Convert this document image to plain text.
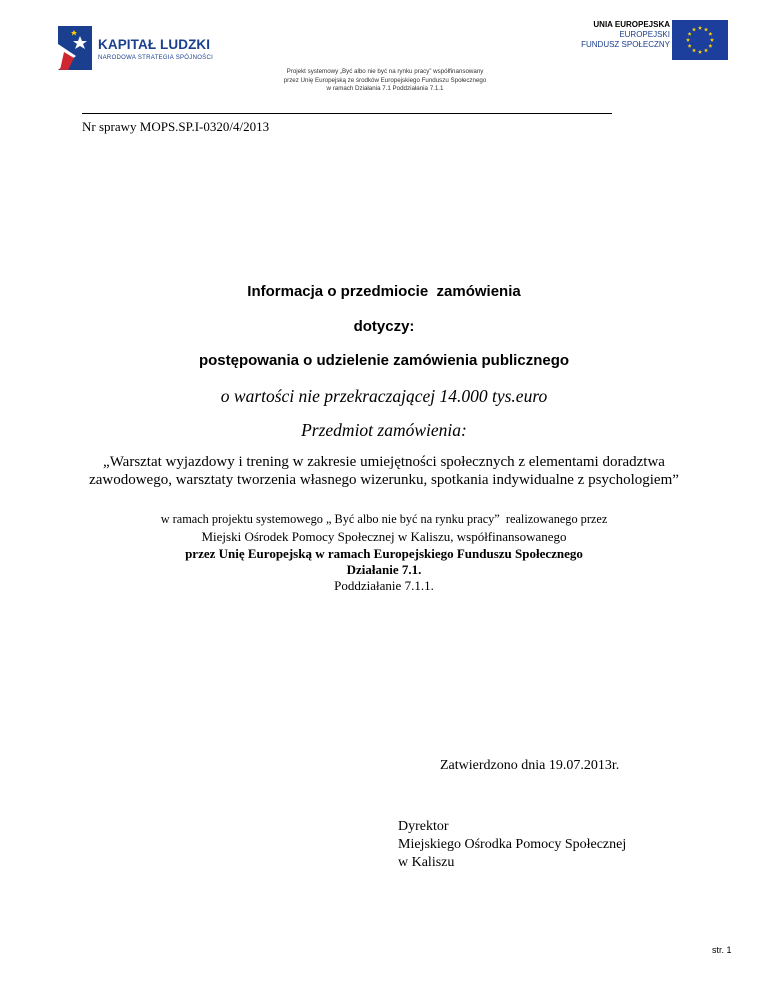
KAPITAŁ LUDZKI
NARODOWA STRATEGIA SPÓJNOŚCI
UNIA EUROPEJSKA
EUROPEJSKI
FUNDUSZ SPOŁECZNY
Projekt systemowy „Być albo nie być na rynku pracy” współfinansowany
przez Unię Europejską ze środków Europejskiego Funduszu Społecznego
w ramach Działania 7.1 Poddziałania 7.1.1
Nr sprawy MOPS.SP.I-0320/4/2013
Informacja o przedmiocie  zamówienia
dotyczy:
postępowania o udzielenie zamówienia publicznego
o wartości nie przekraczającej 14.000 tys.euro
Przedmiot zamówienia:
„Warsztat wyjazdowy i trening w zakresie umiejętności społecznych z elementami doradztwa zawodowego, warsztaty tworzenia własnego wizerunku, spotkania indywidualne z psychologiem”
w ramach projektu systemowego „ Być albo nie być na rynku pracy”  realizowanego przez
Miejski Ośrodek Pomocy Społecznej w Kaliszu, współfinansowanego
przez Unię Europejską w ramach Europejskiego Funduszu Społecznego
Działanie 7.1.
Poddziałanie 7.1.1.
Zatwierdzono dnia 19.07.2013r.
Dyrektor
Miejskiego Ośrodka Pomocy Społecznej
w Kaliszu
str. 1
